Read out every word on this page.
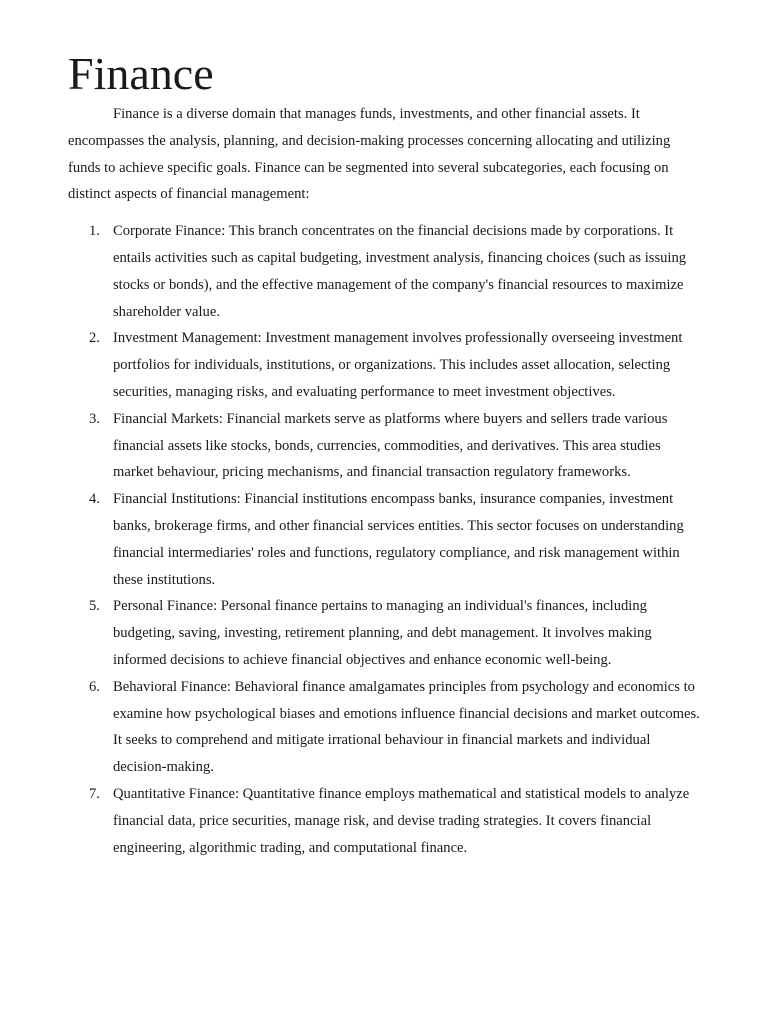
Finance

Finance is a diverse domain that manages funds, investments, and other financial assets. It encompasses the analysis, planning, and decision-making processes concerning allocating and utilizing funds to achieve specific goals. Finance can be segmented into several subcategories, each focusing on distinct aspects of financial management:

1. Corporate Finance: This branch concentrates on the financial decisions made by corporations. It entails activities such as capital budgeting, investment analysis, financing choices (such as issuing stocks or bonds), and the effective management of the company's financial resources to maximize shareholder value.
2. Investment Management: Investment management involves professionally overseeing investment portfolios for individuals, institutions, or organizations. This includes asset allocation, selecting securities, managing risks, and evaluating performance to meet investment objectives.
3. Financial Markets: Financial markets serve as platforms where buyers and sellers trade various financial assets like stocks, bonds, currencies, commodities, and derivatives. This area studies market behaviour, pricing mechanisms, and financial transaction regulatory frameworks.
4. Financial Institutions: Financial institutions encompass banks, insurance companies, investment banks, brokerage firms, and other financial services entities. This sector focuses on understanding financial intermediaries' roles and functions, regulatory compliance, and risk management within these institutions.
5. Personal Finance: Personal finance pertains to managing an individual's finances, including budgeting, saving, investing, retirement planning, and debt management. It involves making informed decisions to achieve financial objectives and enhance economic well-being.
6. Behavioral Finance: Behavioral finance amalgamates principles from psychology and economics to examine how psychological biases and emotions influence financial decisions and market outcomes. It seeks to comprehend and mitigate irrational behaviour in financial markets and individual decision-making.
7. Quantitative Finance: Quantitative finance employs mathematical and statistical models to analyze financial data, price securities, manage risk, and devise trading strategies. It covers financial engineering, algorithmic trading, and computational finance.
